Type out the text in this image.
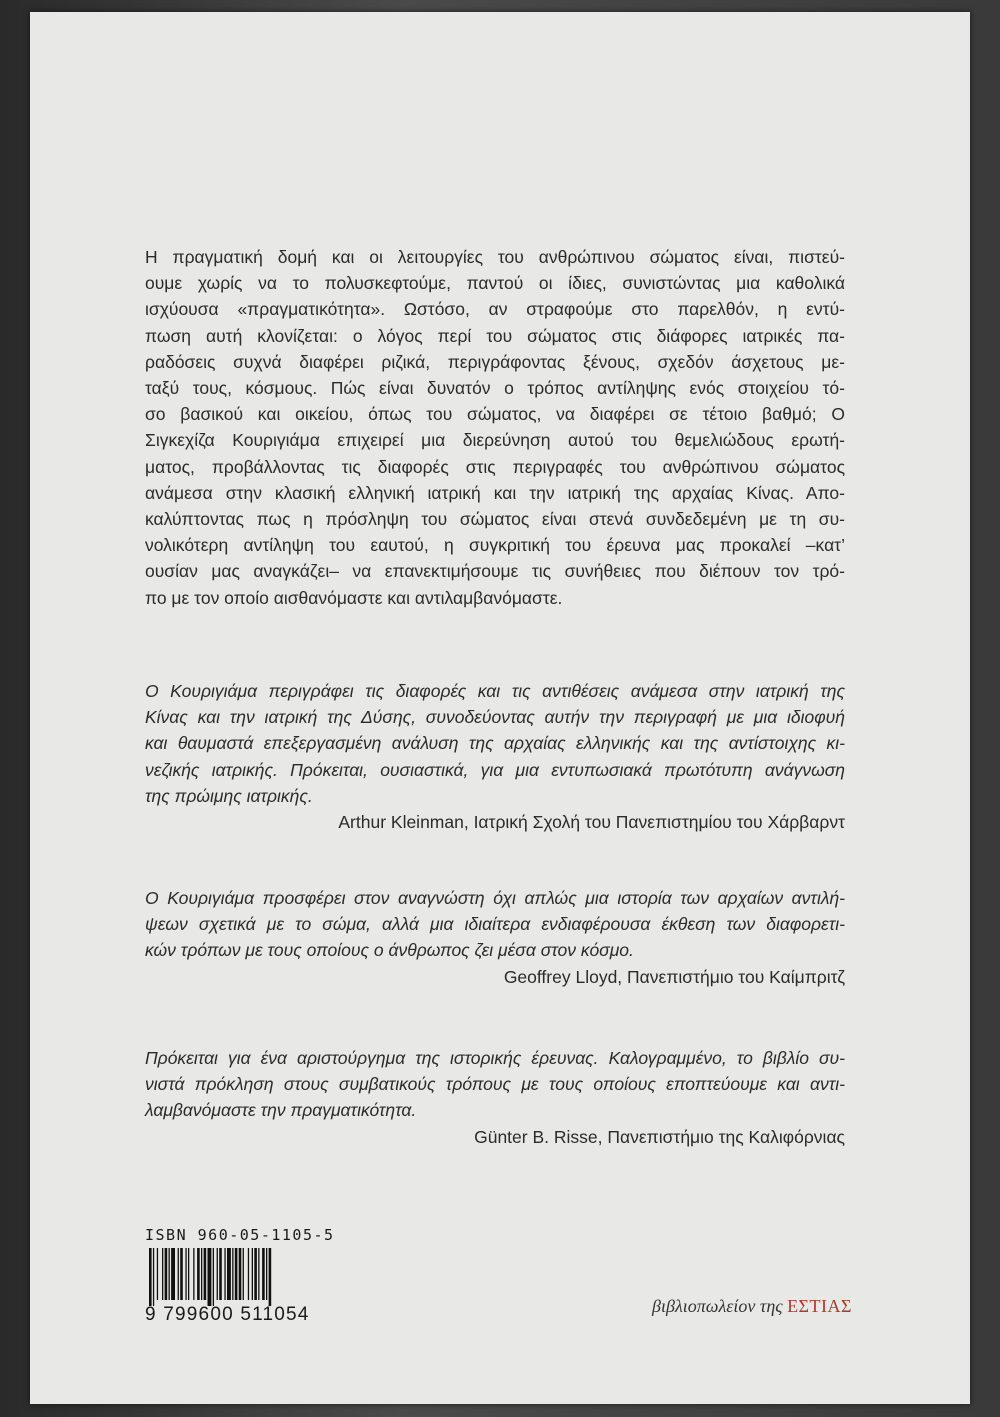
Η πραγματική δομή και οι λειτουργίες του ανθρώπινου σώματος είναι, πιστεύ-
ουμε χωρίς να το πολυσκεφτούμε, παντού οι ίδιες, συνιστώντας μια καθολικά
ισχύουσα «πραγματικότητα». Ωστόσο, αν στραφούμε στο παρελθόν, η εντύ-
πωση αυτή κλονίζεται: ο λόγος περί του σώματος στις διάφορες ιατρικές πα-
ραδόσεις συχνά διαφέρει ριζικά, περιγράφοντας ξένους, σχεδόν άσχετους με-
ταξύ τους, κόσμους. Πώς είναι δυνατόν ο τρόπος αντίληψης ενός στοιχείου τό-
σο βασικού και οικείου, όπως του σώματος, να διαφέρει σε τέτοιο βαθμό; Ο
Σιγκεχίζα Κουριγιάμα επιχειρεί μια διερεύνηση αυτού του θεμελιώδους ερωτή-
ματος, προβάλλοντας τις διαφορές στις περιγραφές του ανθρώπινου σώματος
ανάμεσα στην κλασική ελληνική ιατρική και την ιατρική της αρχαίας Κίνας. Απο-
καλύπτοντας πως η πρόσληψη του σώματος είναι στενά συνδεδεμένη με τη συ-
νολικότερη αντίληψη του εαυτού, η συγκριτική του έρευνα μας προκαλεί –κατ’
ουσίαν μας αναγκάζει– να επανεκτιμήσουμε τις συνήθειες που διέπουν τον τρό-
πο με τον οποίο αισθανόμαστε και αντιλαμβανόμαστε.
Ο Κουριγιάμα περιγράφει τις διαφορές και τις αντιθέσεις ανάμεσα στην ιατρική της
Κίνας και την ιατρική της Δύσης, συνοδεύοντας αυτήν την περιγραφή με μια ιδιοφυή
και θαυμαστά επεξεργασμένη ανάλυση της αρχαίας ελληνικής και της αντίστοιχης κι-
νεζικής ιατρικής. Πρόκειται, ουσιαστικά, για μια εντυπωσιακά πρωτότυπη ανάγνωση
της πρώιμης ιατρικής.
Arthur Kleinman, Ιατρική Σχολή του Πανεπιστημίου του Χάρβαρντ
Ο Κουριγιάμα προσφέρει στον αναγνώστη όχι απλώς μια ιστορία των αρχαίων αντιλή-
ψεων σχετικά με το σώμα, αλλά μια ιδιαίτερα ενδιαφέρουσα έκθεση των διαφορετι-
κών τρόπων με τους οποίους ο άνθρωπος ζει μέσα στον κόσμο.
Geoffrey Lloyd, Πανεπιστήμιο του Καίμπριτζ
Πρόκειται για ένα αριστούργημα της ιστορικής έρευνας. Καλογραμμένο, το βιβλίο συ-
νιστά πρόκληση στους συμβατικούς τρόπους με τους οποίους εποπτεύουμε και αντι-
λαμβανόμαστε την πραγματικότητα.
Günter B. Risse, Πανεπιστήμιο της Καλιφόρνιας
ISBN 960-05-1105-5
9 799600 511054	βιβλιοπωλείον της ΕΣΤΙΑΣ
